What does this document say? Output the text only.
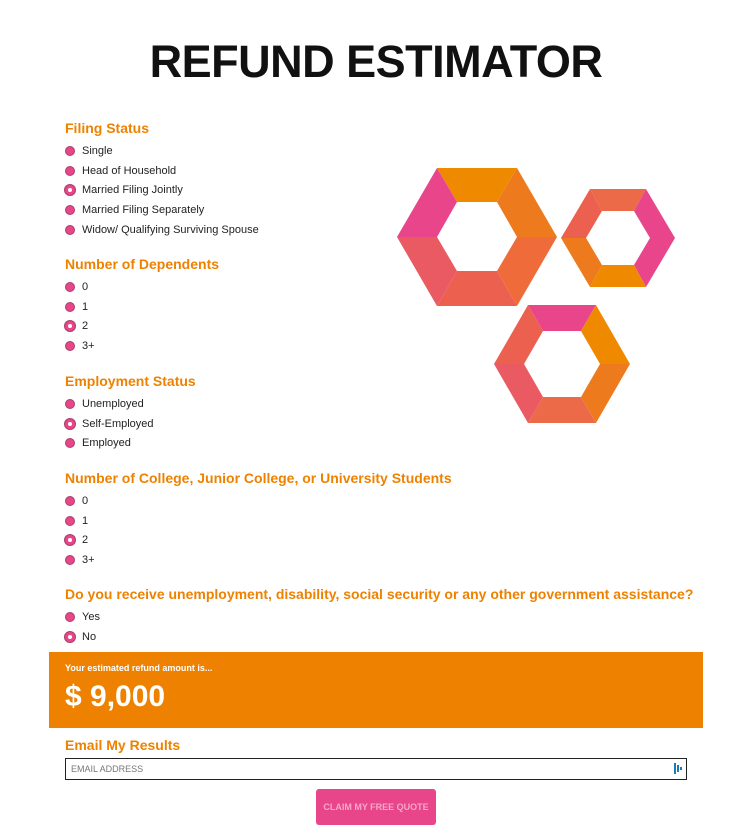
REFUND ESTIMATOR
Filing Status
Single
Head of Household
Married Filing Jointly
Married Filing Separately
Widow/ Qualifying Surviving Spouse
Number of Dependents
0
1
2
3+
Employment Status
Unemployed
Self-Employed
Employed
Number of College, Junior College, or University Students
0
1
2
3+
Do you receive unemployment, disability, social security or any other government assistance?
Yes
No
Your estimated refund amount is...
$ 9,000
Email My Results
EMAIL ADDRESS
CLAIM MY FREE QUOTE
